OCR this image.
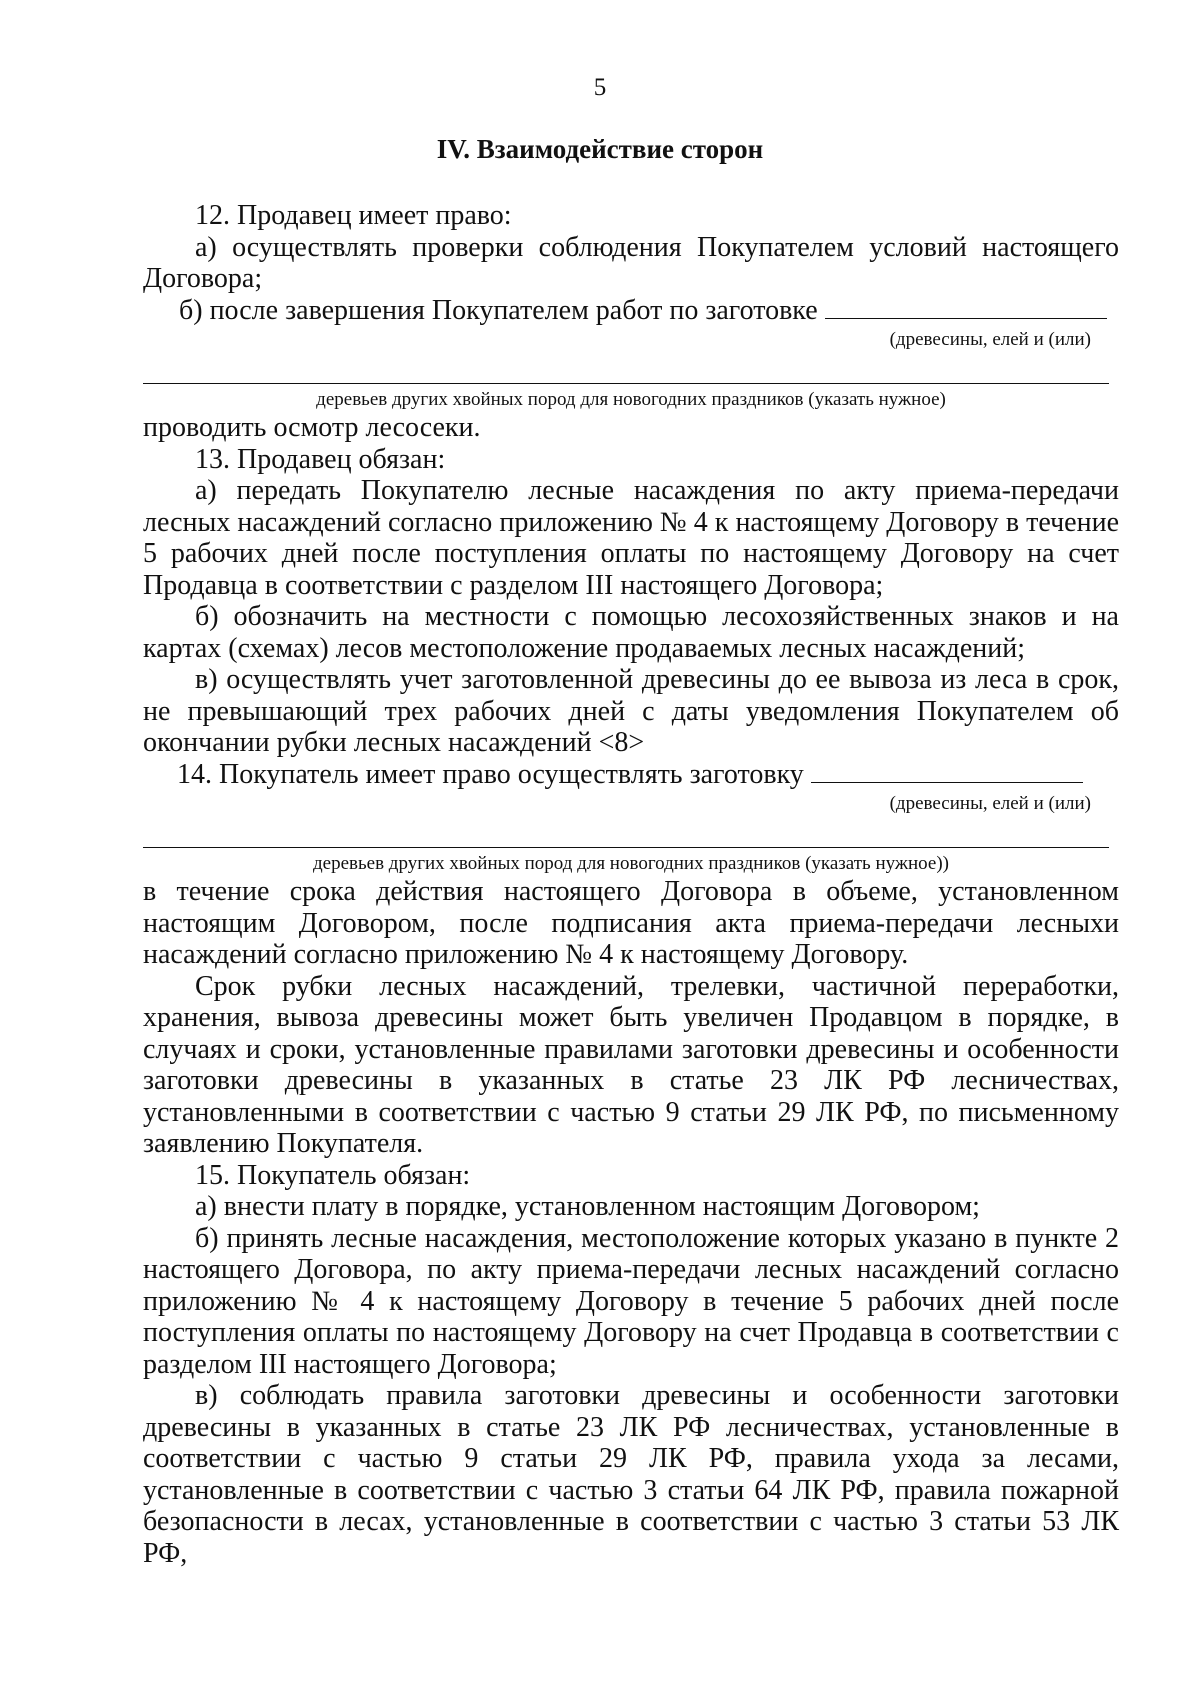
5
IV. Взаимодействие сторон

12. Продавец имеет право:

а) осуществлять проверки соблюдения Покупателем условий настоящего Договора;

б) после завершения Покупателем работ по заготовке

(древесины, елей и (или)

деревьев других хвойных пород для новогодних праздников (указать нужное)

проводить осмотр лесосеки.

13. Продавец обязан:

а) передать Покупателю лесные насаждения по акту приема-передачи лесных насаждений согласно приложению № 4 к настоящему Договору в течение 5 рабочих дней после поступления оплаты по настоящему Договору на счет Продавца в соответствии с разделом III настоящего Договора;

б) обозначить на местности с помощью лесохозяйственных знаков и на картах (схемах) лесов местоположение продаваемых лесных насаждений;

в) осуществлять учет заготовленной древесины до ее вывоза из леса в срок, не превышающий трех рабочих дней с даты уведомления Покупателем об окончании рубки лесных насаждений <8>

14. Покупатель имеет право осуществлять заготовку

(древесины, елей и (или)

деревьев других хвойных пород для новогодних праздников (указать нужное))

в течение срока действия настоящего Договора в объеме, установленном настоящим Договором, после подписания акта приема-передачи лесныхи насаждений согласно приложению № 4 к настоящему Договору.

Срок рубки лесных насаждений, трелевки, частичной переработки, хранения, вывоза древесины может быть увеличен Продавцом в порядке, в случаях и сроки, установленные правилами заготовки древесины и особенности заготовки древесины в указанных в статье 23 ЛК РФ лесничествах, установленными в соответствии с частью 9 статьи 29 ЛК РФ, по письменному заявлению Покупателя.

15. Покупатель обязан:

а) внести плату в порядке, установленном настоящим Договором;

б) принять лесные насаждения, местоположение которых указано в пункте 2 настоящего Договора, по акту приема-передачи лесных насаждений согласно приложению № 4 к настоящему Договору в течение 5 рабочих дней после поступления оплаты по настоящему Договору на счет Продавца в соответствии с разделом III настоящего Договора;

в) соблюдать правила заготовки древесины и особенности заготовки древесины в указанных в статье 23 ЛК РФ лесничествах, установленные в соответствии с частью 9 статьи 29 ЛК РФ, правила ухода за лесами, установленные в соответствии с частью 3 статьи 64 ЛК РФ, правила пожарной безопасности в лесах, установленные в соответствии с частью 3 статьи 53 ЛК РФ,
